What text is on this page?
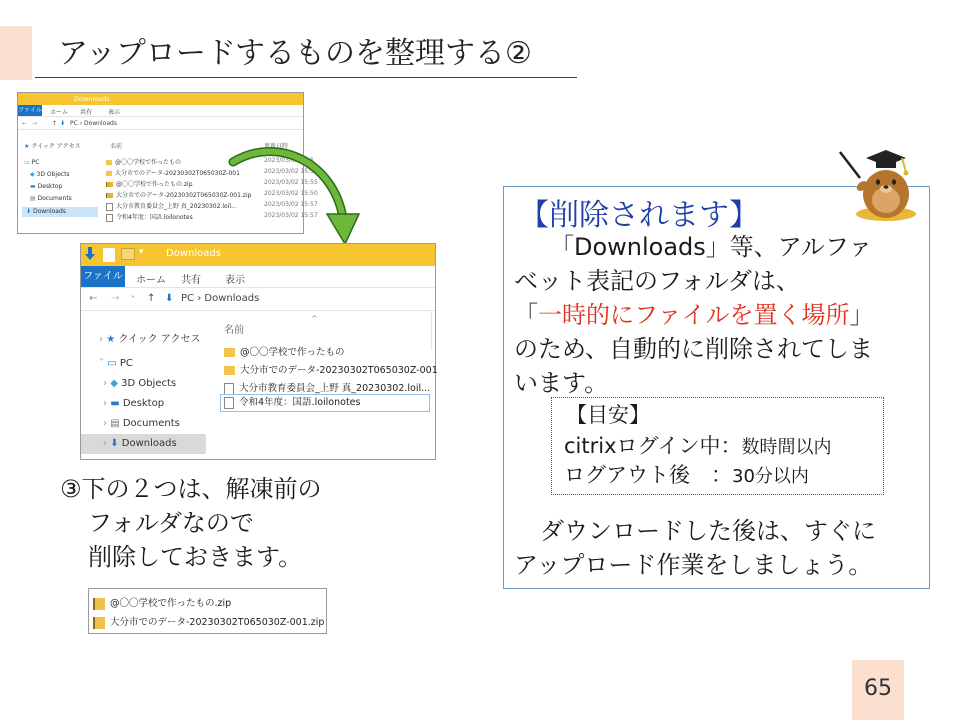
アップロードするものを整理する②
Downloads
ファイル ホーム 共有	表示
← → ↑ ⬇ PC › Downloads
★ クイック アクセス
▭ PC
◆ 3D Objects
▬ Desktop
▤ Documents
⬇ Downloads
名前	更新日時
@〇〇学校で作ったもの	2023/03/02 15:5
大分市でのデータ-20230302T065030Z-001	2023/03/02 15:58
@〇〇学校で作ったもの.zip	2023/03/02 15:55
大分市でのデータ-20230302T065030Z-001.zip 2023/03/02 15:50
大分市教育委員会_上野 真_20230302.loil...	2023/03/02 15:57
令和4年度：国語.loilonotes	2023/03/02 15:57
▾ Downloads
ファイル ホーム 共有 表示
← → ˅ ↑ ⬇ PC › Downloads
› ★ クイック アクセス
˅ ▭ PC
› ◆ 3D Objects
› ▬ Desktop
› ▤ Documents
› ⬇ Downloads
^
名前
@〇〇学校で作ったもの
大分市でのデータ-20230302T065030Z-001
大分市教育委員会_上野 真_20230302.loil...
令和4年度：国語.loilonotes
③下の２つは、解凍前の
フォルダなので
削除しておきます。
@〇〇学校で作ったもの.zip
大分市でのデータ-20230302T065030Z-001.zip
【削除されます】
「Downloads」等、アルファ
ベット表記のフォルダは、
「一時的にファイルを置く場所」
のため、自動的に削除されてしま
います。
【目安】
citrixログイン中：数時間以内
ログアウト後　：30分以内
ダウンロードした後は、すぐに
アップロード作業をしましょう。
65
